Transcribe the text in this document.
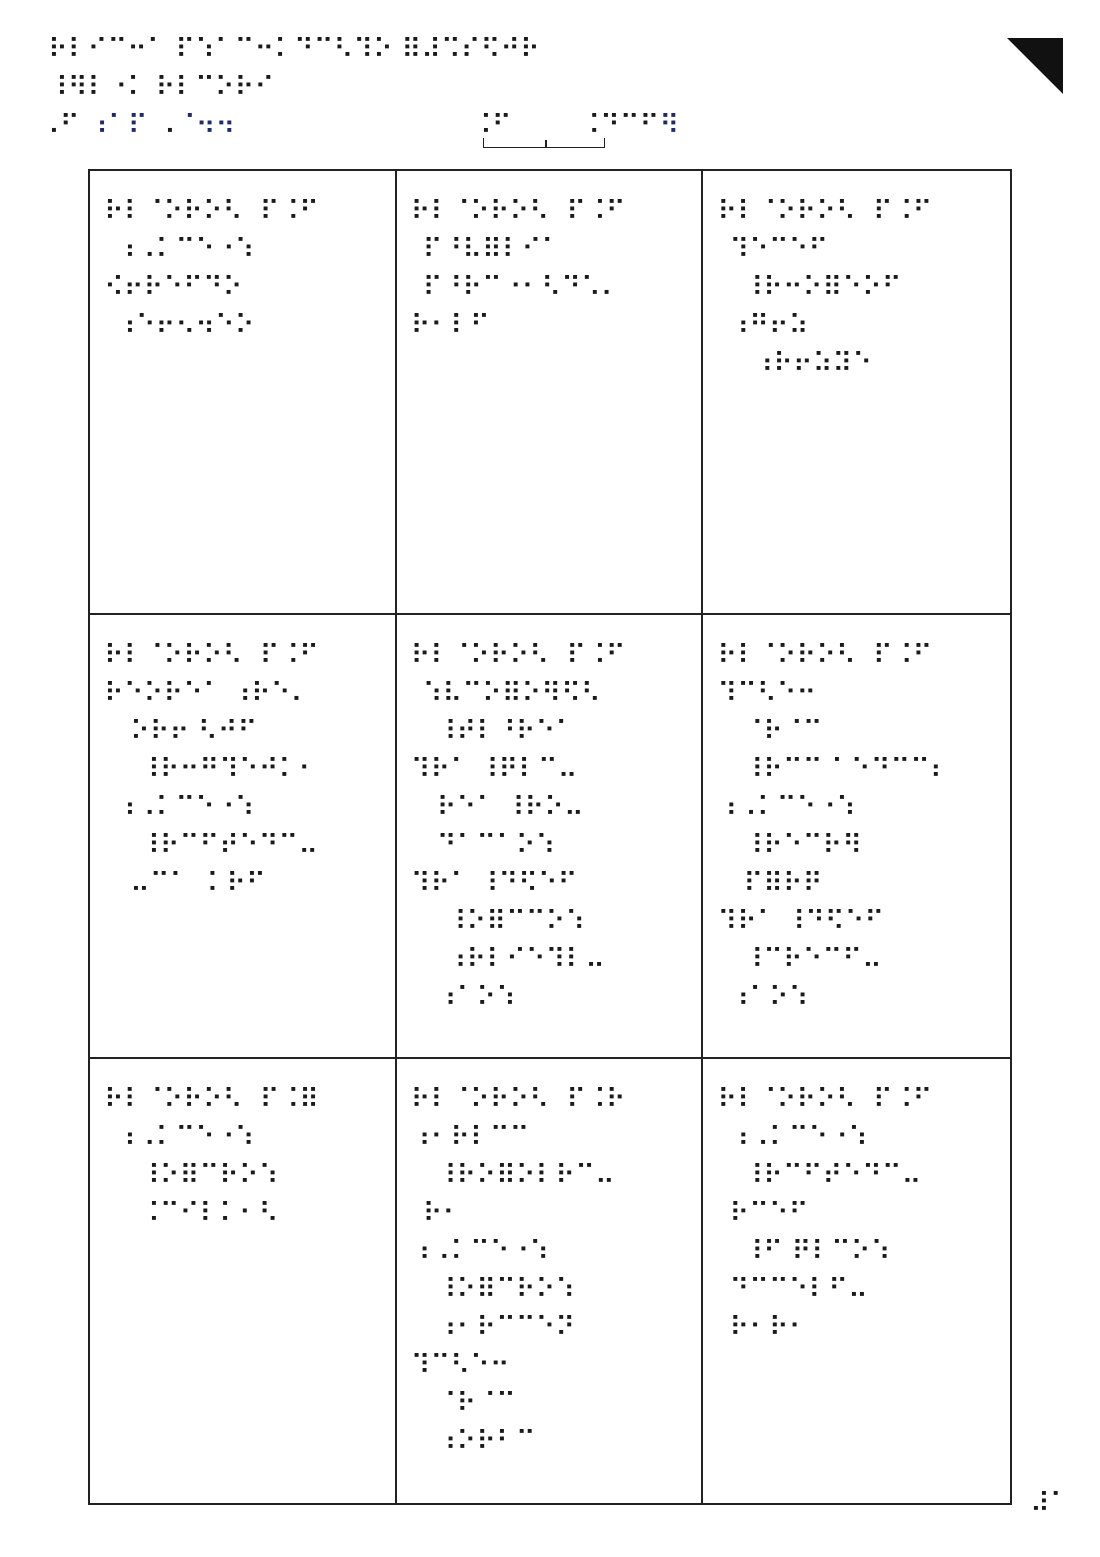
⠗⠇⠊⠉⠒⠁ ⠏⠱⠁⠉⠒⠅⠙⠉⠣⠹⠕ ⠿⠼⠩⠎⠫⠚⠗
⠸⠻⠇⠐⠅ ⠗⠇⠉⠕⠗⠊
⠠⠋ ⠰⠁⠏ ⠠⠈⠲⠲	⠨⠋	⠨⠙⠉⠋⠻
⠗⠇⠈⠕⠗⠕⠣  ⠏⠨⠋
⠰⠠⠅⠉⠑⠐⠱
⠪⠖⠗⠑⠋⠙⠕
⠰⠑⠖⠢⠲⠑⠕
⠗⠇⠈⠕⠗⠕⠣  ⠏⠨⠋
⠏⠘⠧⠿⠇⠊⠁
⠏⠘⠗⠉⠐⠂⠣⠙⠡⠄
⠗⠂⠇⠋
⠗⠇⠈⠕⠗⠕⠣  ⠏⠨⠋
⠹⠑⠉⠑⠋
⠸⠗⠒⠕⠿⠑⠕⠋
⠰⠛⠖⠵
⠰⠗⠖⠵⠽⠑
⠗⠇⠈⠕⠗⠕⠣  ⠏⠨⠋
⠗⠑⠕⠗⠑⠁ ⠰⠗⠑⠄
⠕⠗⠖ ⠣⠚⠋
⠸⠗⠒⠛⠹⠑⠚⠅⠂
⠰⠠⠅⠉⠑⠐⠱
⠸⠗⠉⠋⠞⠑⠙⠉⠤
⠤⠉⠁  ⠅⠗⠋
⠗⠇⠈⠕⠗⠕⠣  ⠏⠨⠋
⠱⠧⠉⠕⠿⠕⠻⠫⠣
⠸⠞⠇⠘⠗⠑⠁
⠹⠗⠁ ⠸⠟⠇⠉⠤
⠗⠑⠁ ⠸⠗⠕⠤
⠙⠁⠉⠁⠕⠱
⠹⠗⠁ ⠸⠙⠫⠑⠋
⠸⠕⠿⠉⠉⠕⠱
⠰⠗⠇⠊⠑⠹⠇⠤
⠰⠁⠕⠱
⠗⠇⠈⠕⠗⠕⠣  ⠏⠨⠋
⠹⠉⠣⠑⠒
⠈⠗⠈⠉
⠸⠗⠉⠉ ⠁⠑⠙⠉⠉⠆
⠰⠠⠅⠉⠑⠐⠱
⠸⠗⠑⠉⠗⠻
⠏⠿⠗⠟
⠹⠗⠁ ⠸⠙⠫⠑⠋
⠸⠉⠗⠑⠉⠋⠤
⠰⠁⠕⠱
⠗⠇⠈⠕⠗⠕⠣  ⠏⠨⠿
⠰⠠⠅⠉⠑⠐⠱
⠸⠕⠿⠉⠗⠕⠱
⠨⠉⠊⠇⠅⠂⠣
⠗⠇⠈⠕⠗⠕⠣  ⠏⠨⠗
⠰⠂⠗⠇⠉⠉
⠸⠗⠕⠿⠕⠇⠗⠉⠤
⠗⠂
⠰⠠⠅⠉⠑⠐⠱
⠸⠕⠿⠉⠗⠕⠱
⠰⠂⠗⠉⠉⠑⠝
⠹⠉⠣⠑⠒
⠈⠗⠈⠉
⠰⠕⠗⠃⠉
⠗⠇⠈⠕⠗⠕⠣  ⠏⠨⠋
⠰⠠⠅⠉⠑⠐⠱
⠸⠗⠉⠋⠞⠑⠙⠉⠤
⠗⠉⠑⠋
⠸⠋ ⠟⠇⠉⠕⠱
⠙⠉⠉⠑⠇⠋⠤
⠗⠂⠗⠂
⠼⠁
